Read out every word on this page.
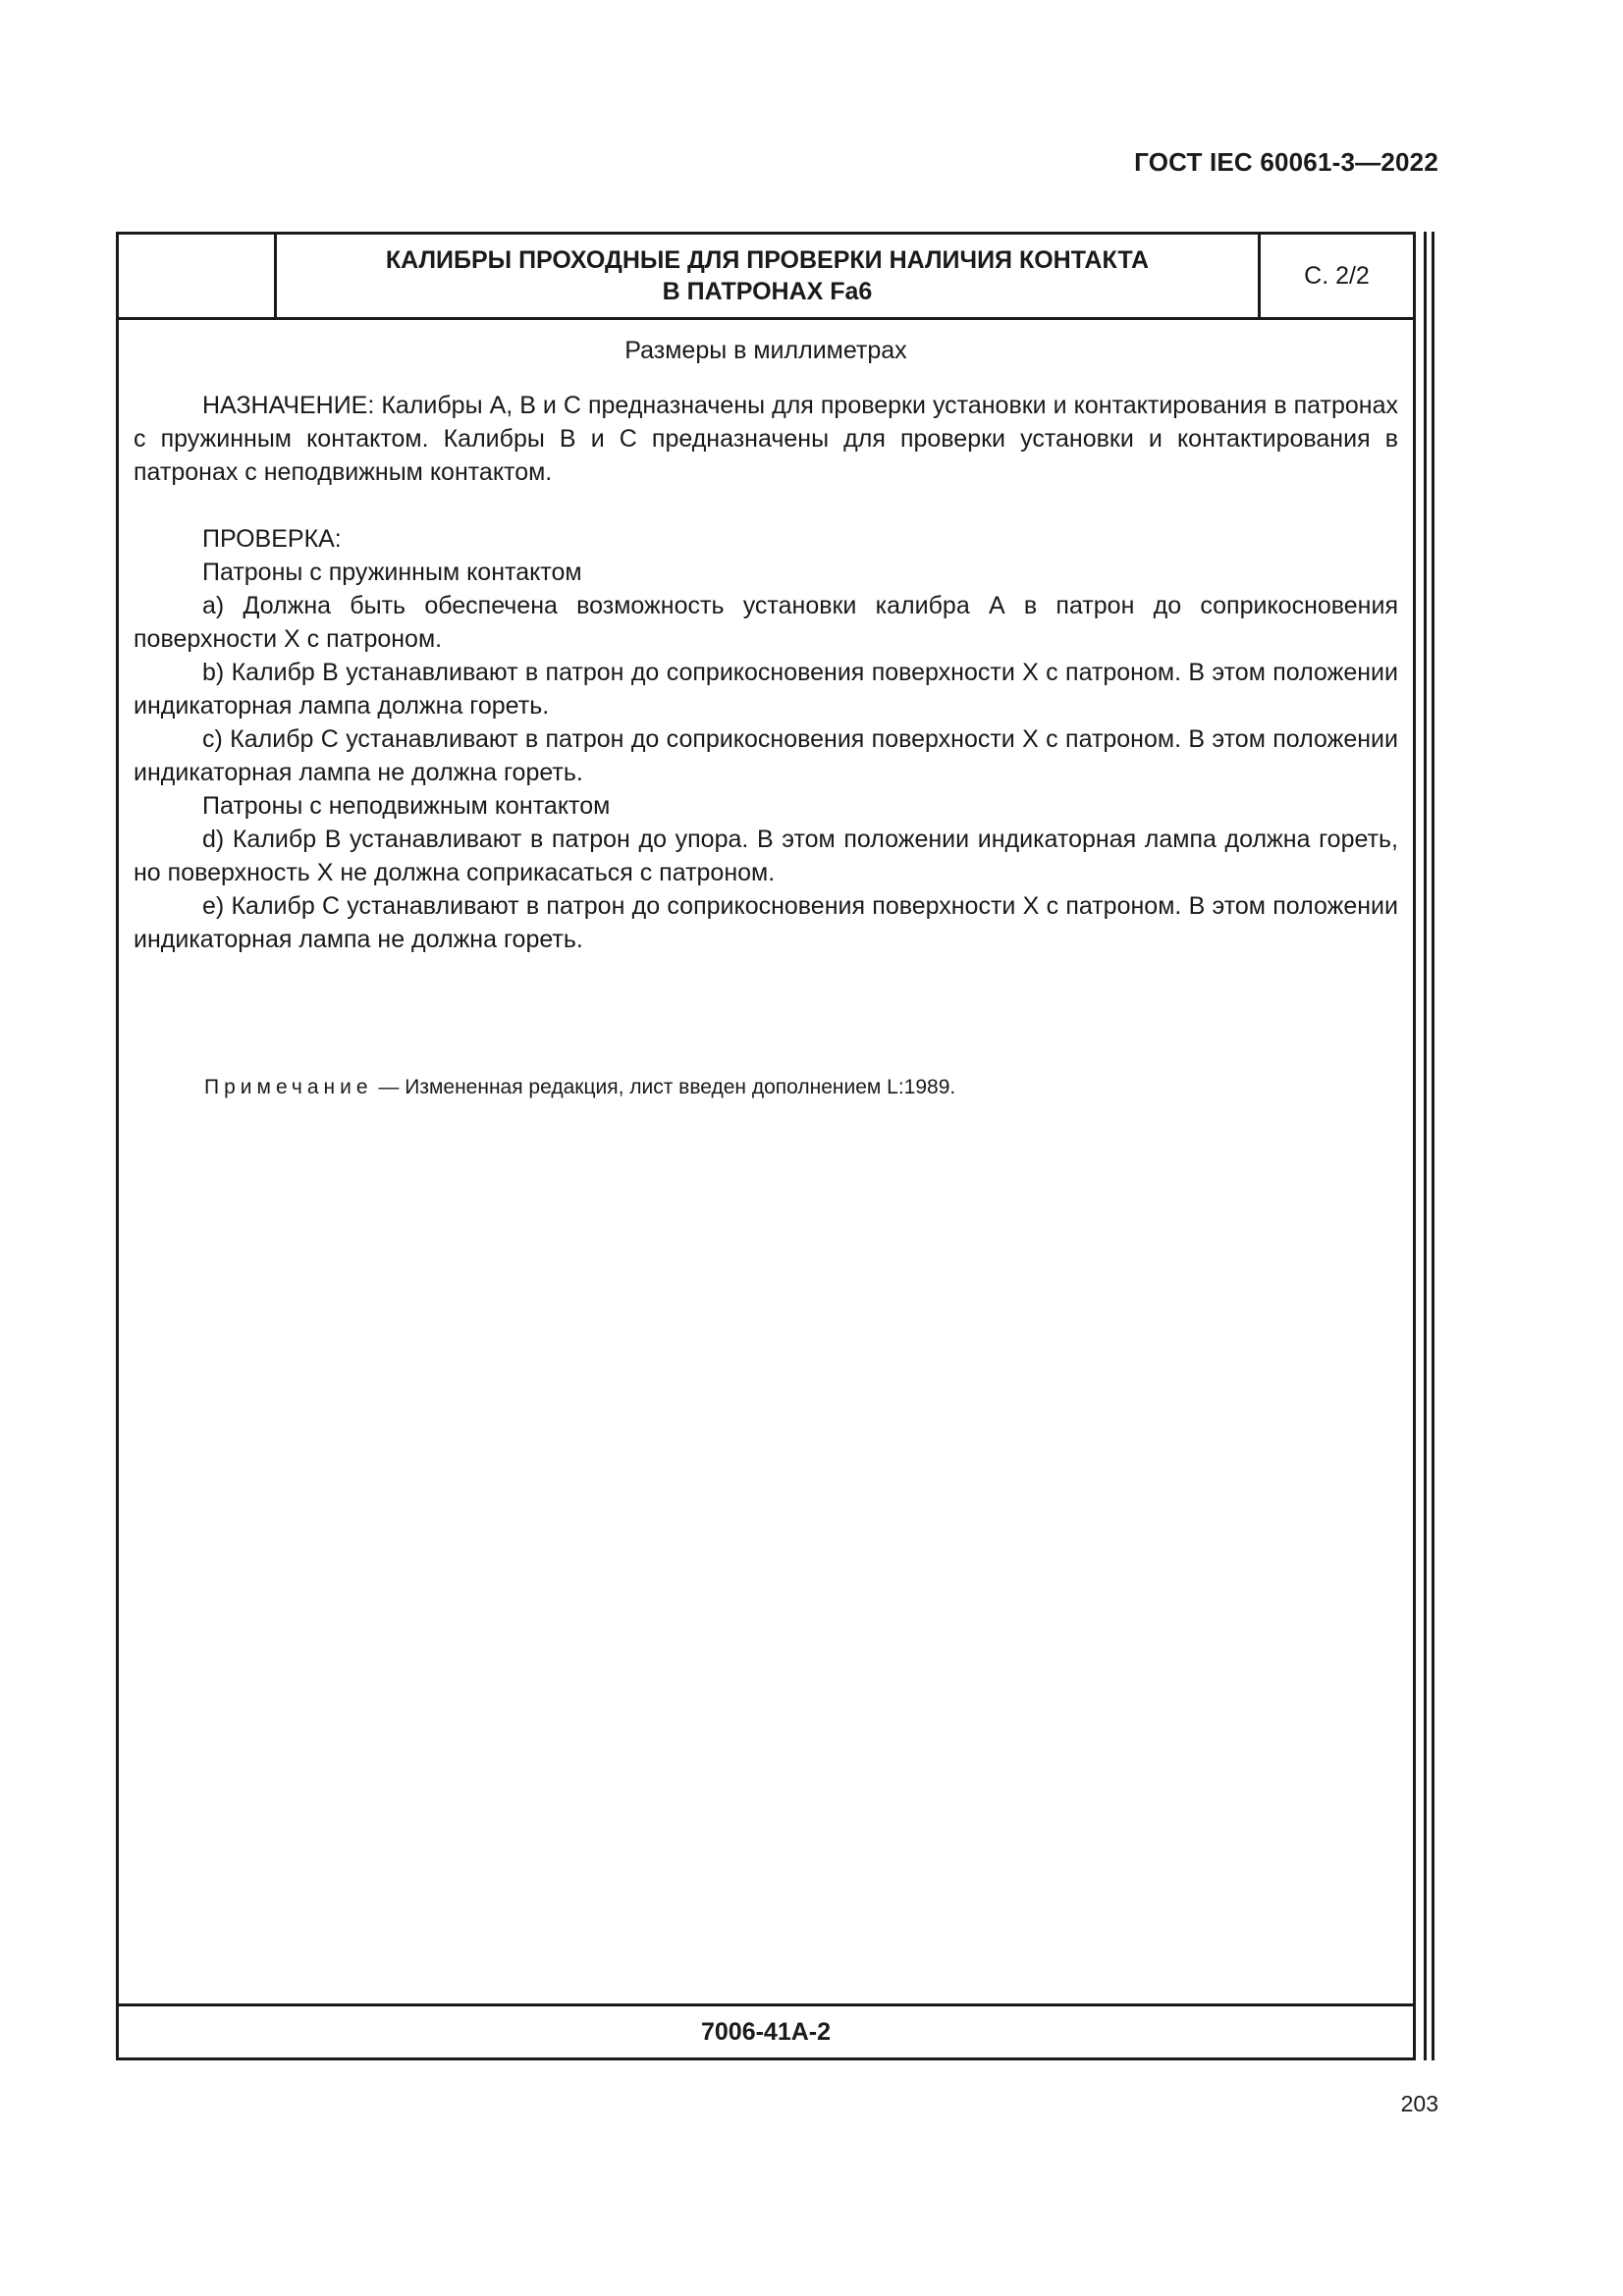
ГОСТ IEC 60061-3—2022
КАЛИБРЫ ПРОХОДНЫЕ ДЛЯ ПРОВЕРКИ НАЛИЧИЯ КОНТАКТА
В ПАТРОНАХ Fa6
С. 2/2
Размеры в миллиметрах

НАЗНАЧЕНИЕ: Калибры А, В и С предназначены для проверки установки и контактирования в патронах с пружинным контактом. Калибры В и С предназначены для проверки установки и контактирования в патронах с неподвижным контактом.

ПРОВЕРКА:

Патроны с пружинным контактом

а) Должна быть обеспечена возможность установки калибра А в патрон до соприкосновения поверхности X с патроном.

b) Калибр В устанавливают в патрон до соприкосновения поверхности X с патроном. В этом положении индикаторная лампа должна гореть.

с) Калибр С устанавливают в патрон до соприкосновения поверхности X с патроном. В этом положении индикаторная лампа не должна гореть.

Патроны с неподвижным контактом

d) Калибр В устанавливают в патрон до упора. В этом положении индикаторная лампа должна гореть, но поверхность X не должна соприкасаться с патроном.

е) Калибр С устанавливают в патрон до соприкосновения поверхности X с патроном. В этом положении индикаторная лампа не должна гореть.

Примечание — Измененная редакция, лист введен дополнением L:1989.
7006-41A-2
203
